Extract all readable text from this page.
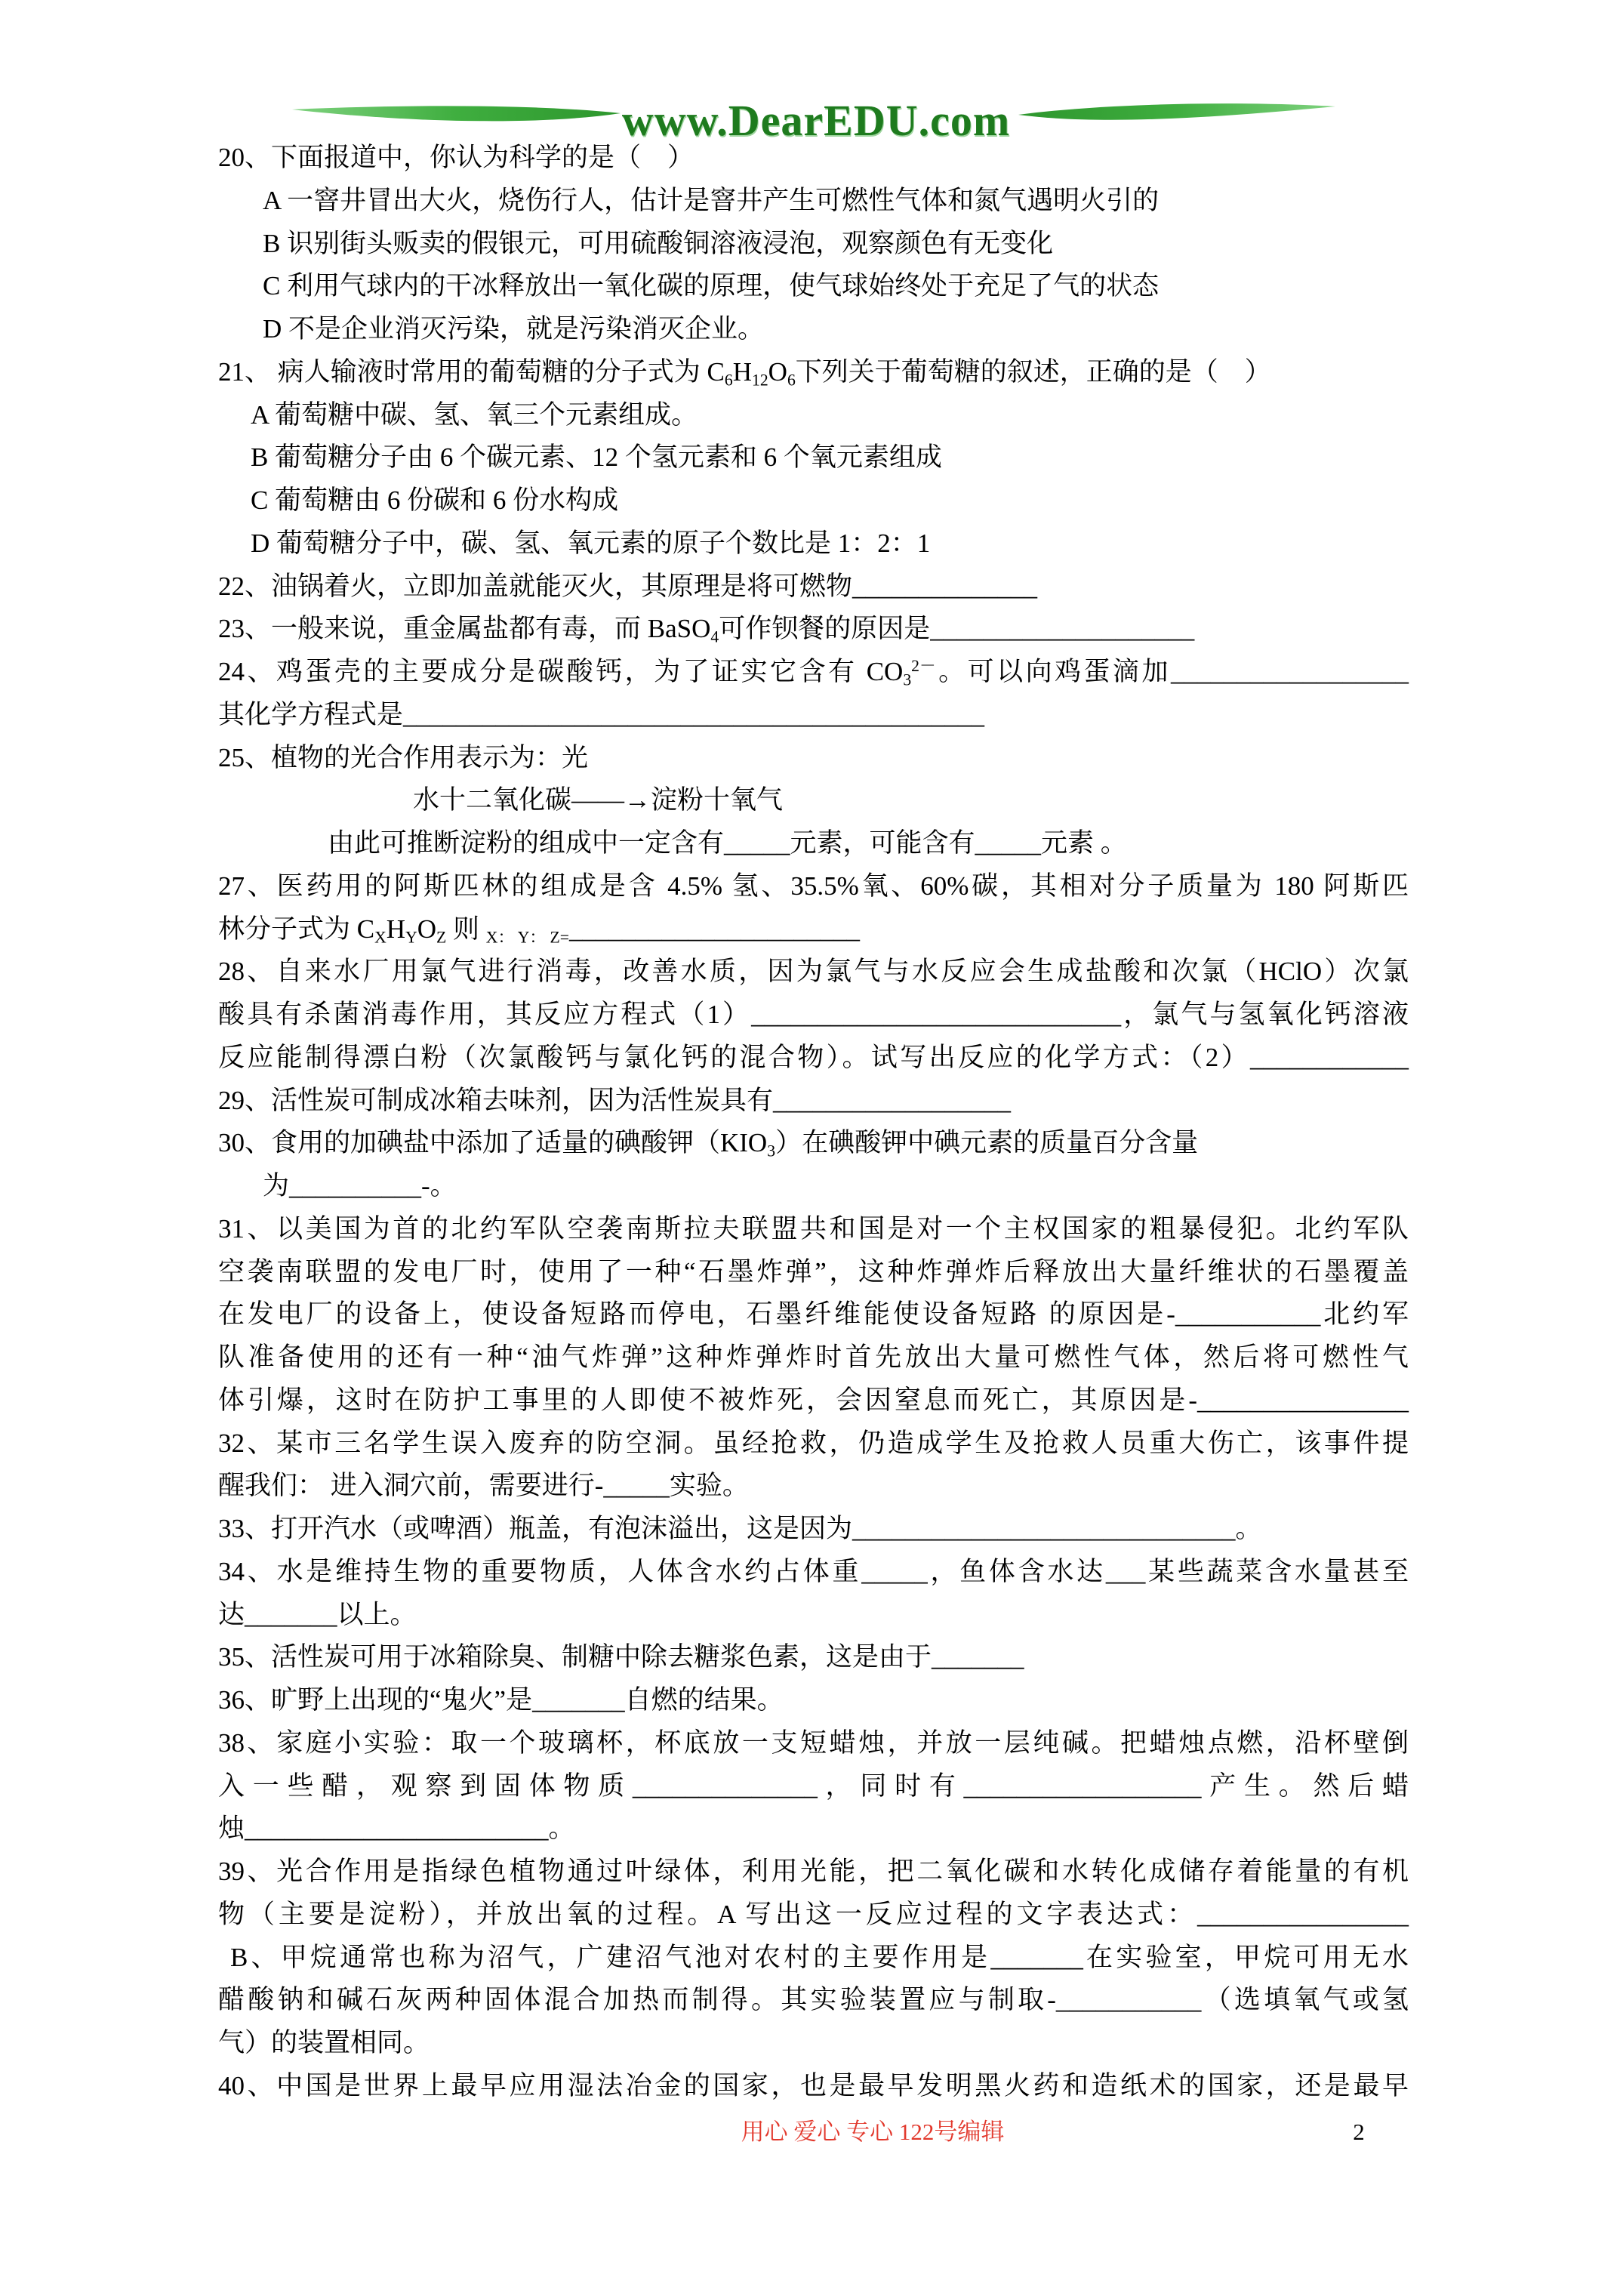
www.DearEDU.com
20、下面报道中，你认为科学的是（　）
A 一窨井冒出大火，烧伤行人，估计是窨井产生可燃性气体和氮气遇明火引的
B 识别街头贩卖的假银元，可用硫酸铜溶液浸泡，观察颜色有无变化
C 利用气球内的干冰释放出一氧化碳的原理，使气球始终处于充足了气的状态
D 不是企业消灭污染，就是污染消灭企业。
21、 病人输液时常用的葡萄糖的分子式为 C6H12O6下列关于葡萄糖的叙述，正确的是（　）
A 葡萄糖中碳、氢、氧三个元素组成。
B 葡萄糖分子由 6 个碳元素、12 个氢元素和 6 个氧元素组成
C 葡萄糖由 6 份碳和 6 份水构成
D 葡萄糖分子中，碳、氢、氧元素的原子个数比是 1：2：1
22、油锅着火，立即加盖就能灭火，其原理是将可燃物______________
23、一般来说，重金属盐都有毒，而 BaSO4可作钡餐的原因是____________________
24、鸡蛋壳的主要成分是碳酸钙，为了证实它含有 $CO3^{2-}$。可以向鸡蛋滴加__________________
其化学方程式是____________________________________________
25、植物的光合作用表示为：光
水十二氧化碳——→淀粉十氧气
由此可推断淀粉的组成中一定含有_____元素，可能含有_____元素 。
27、医药用的阿斯匹林的组成是含 4.5% 氢、35.5%氧、60%碳，其相对分子质量为 180 阿斯匹
林分子式为 CXHYOZ 则 X： Y： Z=______________________
28、自来水厂用氯气进行消毒，改善水质，因为氯气与水反应会生成盐酸和次氯（HClO）次氯
酸具有杀菌消毒作用，其反应方程式（1）____________________________，氯气与氢氧化钙溶液
反应能制得漂白粉（次氯酸钙与氯化钙的混合物）。试写出反应的化学方式：（2）____________
29、活性炭可制成冰箱去味剂，因为活性炭具有__________________
30、食用的加碘盐中添加了适量的碘酸钾（KIO3）在碘酸钾中碘元素的质量百分含量
为__________-。
31、以美国为首的北约军队空袭南斯拉夫联盟共和国是对一个主权国家的粗暴侵犯。北约军队
空袭南联盟的发电厂时，使用了一种“石墨炸弹”，这种炸弹炸后释放出大量纤维状的石墨覆盖
在发电厂的设备上，使设备短路而停电，石墨纤维能使设备短路 的原因是-___________北约军
队准备使用的还有一种“油气炸弹”这种炸弹炸时首先放出大量可燃性气体，然后将可燃性气
体引爆，这时在防护工事里的人即使不被炸死，会因窒息而死亡，其原因是-________________
32、某市三名学生误入废弃的防空洞。虽经抢救，仍造成学生及抢救人员重大伤亡，该事件提
醒我们： 进入洞穴前，需要进行-_____实验。
33、打开汽水（或啤酒）瓶盖，有泡沫溢出，这是因为_____________________________。
34、水是维持生物的重要物质，人体含水约占体重_____，鱼体含水达___某些蔬菜含水量甚至
达_______以上。
35、活性炭可用于冰箱除臭、制糖中除去糖浆色素，这是由于_______
36、旷野上出现的“鬼火”是_______自燃的结果。
38、家庭小实验：取一个玻璃杯，杯底放一支短蜡烛，并放一层纯碱。把蜡烛点燃，沿杯壁倒
入一些醋，观察到固体物质______________，同时有__________________产生。然后蜡
烛_______________________。
39、光合作用是指绿色植物通过叶绿体，利用光能，把二氧化碳和水转化成储存着能量的有机
物（主要是淀粉），并放出氧的过程。A 写出这一反应过程的文字表达式：________________
B、甲烷通常也称为沼气，广建沼气池对农村的主要作用是_______在实验室，甲烷可用无水
醋酸钠和碱石灰两种固体混合加热而制得。其实验装置应与制取-___________（选填氧气或氢
气）的装置相同。
40、中国是世界上最早应用湿法冶金的国家，也是最早发明黑火药和造纸术的国家，还是最早
用心 爱心 专心 122号编辑	2
